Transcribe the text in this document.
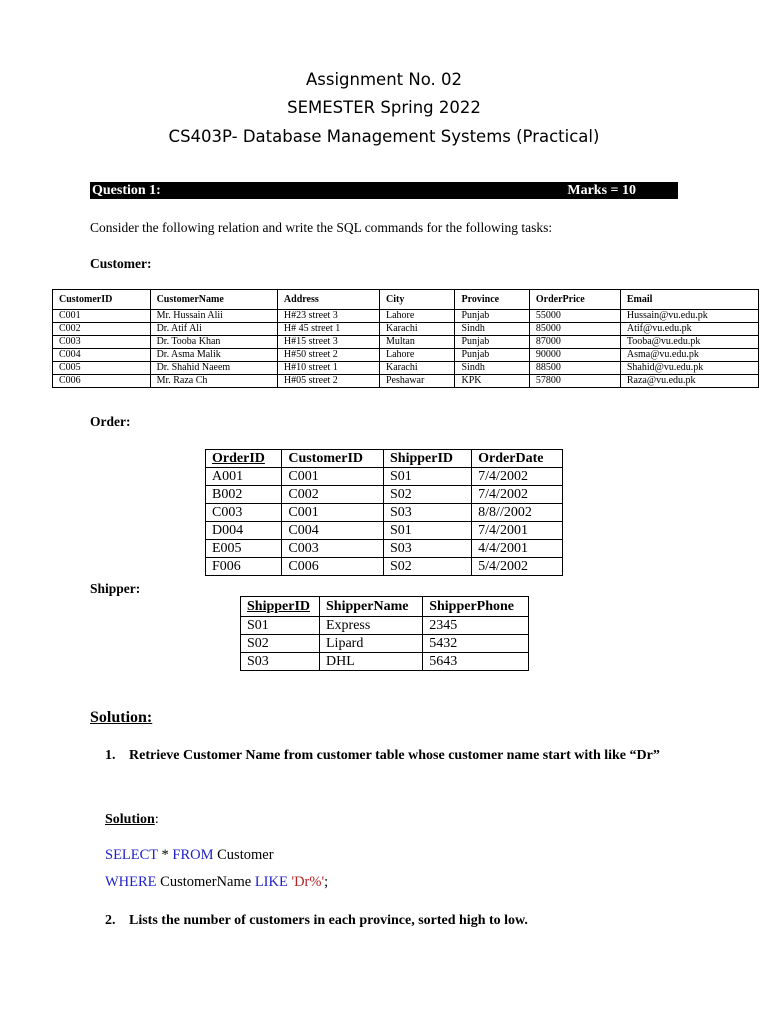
Assignment No. 02
SEMESTER Spring 2022
CS403P- Database Management Systems (Practical)
Question 1:	Marks = 10
Consider the following relation and write the SQL commands for the following tasks:
Customer:
CustomerID	CustomerName	Address	City	Province	OrderPrice	Email
C001	Mr. Hussain Alii	H#23 street 3	Lahore	Punjab	55000	Hussain@vu.edu.pk
C002	Dr. Atif Ali	H# 45 street 1	Karachi	Sindh	85000	Atif@vu.edu.pk
C003	Dr. Tooba Khan	H#15 street 3	Multan	Punjab	87000	Tooba@vu.edu.pk
C004	Dr. Asma Malik	H#50 street 2	Lahore	Punjab	90000	Asma@vu.edu.pk
C005	Dr. Shahid Naeem	H#10 street 1	Karachi	Sindh	88500	Shahid@vu.edu.pk
C006	Mr. Raza Ch	H#05 street 2	Peshawar	KPK	57800	Raza@vu.edu.pk
Order:
OrderID	CustomerID	ShipperID	OrderDate
A001	C001	S01	7/4/2002
B002	C002	S02	7/4/2002
C003	C001	S03	8/8//2002
D004	C004	S01	7/4/2001
E005	C003	S03	4/4/2001
F006	C006	S02	5/4/2002
Shipper:
ShipperID	ShipperName	ShipperPhone
S01	Express	2345
S02	Lipard	5432
S03	DHL	5643
Solution:
1. Retrieve Customer Name from customer table whose customer name start with like “Dr”
Solution:
SELECT * FROM Customer
WHERE CustomerName LIKE 'Dr%';
2. Lists the number of customers in each province, sorted high to low.
